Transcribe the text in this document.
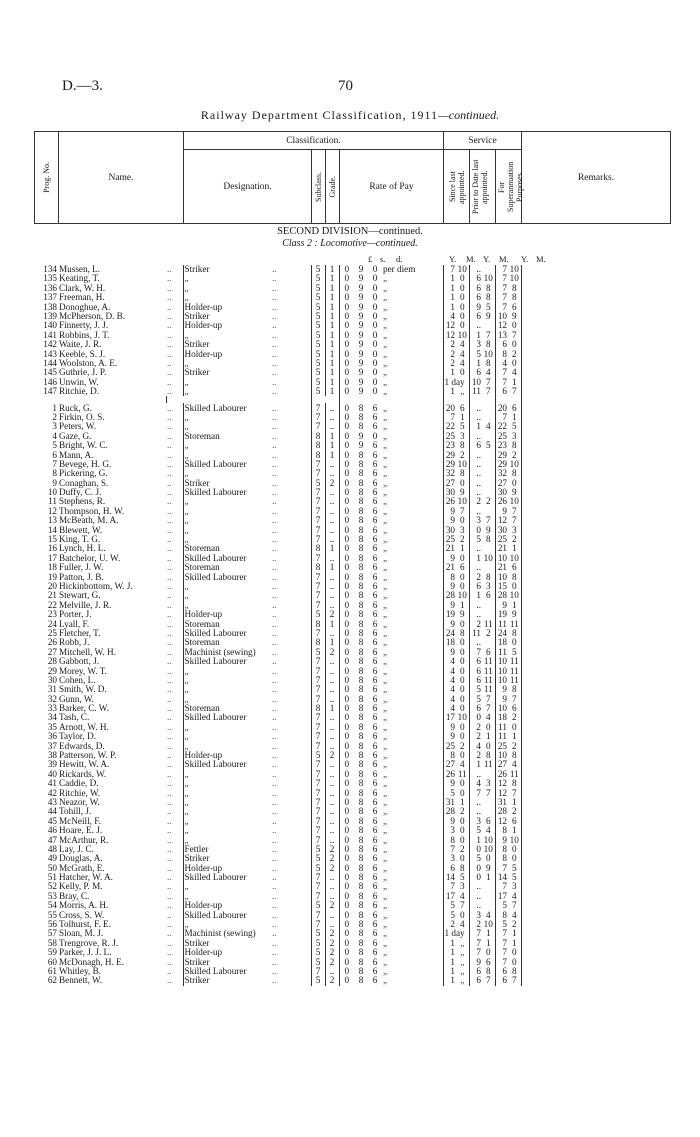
D.—3.	70
Railway Department Classification, 1911—continued.
Prog. No.	Name.	Classification.				Service			Remarks.
		Designation.	Subclass.	Grade.	Rate of Pay	Since last appointed.	Prior to Date last appointed.	For Superannuation Purposes.	
SECOND DIVISION—continued.
Class 2 : Locomotive—continued.
£ s. d.	Y. M. Y. M. Y. M.
134	Mussen, L.	..	Striker	..	5	1	0	9	0	per diem	7	10	..		7	10	
135	Keating, T.	..	„	..	5	1	0	9	0	„	1	0	6	10	7	10	
136	Clark, W. H.	..	„	..	5	1	0	9	0	„	1	0	6	8	7	8	
137	Freeman, H.	..	„	..	5	1	0	9	0	„	1	0	6	8	7	8	
138	Donoghue, A.	..	Holder-up	..	5	1	0	9	0	„	1	0	9	5	7	6	
139	McPherson, D. B.	..	Striker	..	5	1	0	9	0	„	4	0	6	9	10	9	
140	Finnerty, J. J.	..	Holder-up	..	5	1	0	9	0	„	12	0	..		12	0	
141	Robbins, J. T.	..	„	..	5	1	0	9	0	„	12	10	1	7	13	7	
142	Waite, J. R.	..	Striker	..	5	1	0	9	0	„	2	4	3	8	6	0	
143	Keeble, S. J.	..	Holder-up	..	5	1	0	9	0	„	2	4	5	10	8	2	
144	Woolston, A. E.	..	„	..	5	1	0	9	0	„	2	4	1	8	4	0	
145	Guthrie, J. P.	..	Striker	..	5	1	0	9	0	„	1	0	6	4	7	4	
146	Unwin, W.	..	„	..	5	1	0	9	0	„	1 day		10	7	7	1	
147	Ritchie, D.	..	„	..	5	1	0	9	0	„	1	„	11	7	6	7	

1	Ruck, G.	..	Skilled Labourer	..	7	..	0	8	6	„	20	6	..		20	6	
2	Firkin, O. S.	..	„	..	7	..	0	8	6	„	7	1	..		7	1	
3	Peters, W.	..	„	..	7	..	0	8	6	„	22	5	1	4	22	5	
4	Gaze, G.	..	Storeman	..	8	1	0	9	0	„	25	3	..		25	3	
5	Bright, W. C.	..	„	..	8	1	0	9	6	„	23	8	6	5	23	8	
6	Mann, A.	..	„	..	8	1	0	8	6	„	29	2	..		29	2	
7	Bevege, H. G.	..	Skilled Labourer	..	7	..	0	8	6	„	29	10	..		29	10	
8	Pickering, G.	..	„	..	7	..	0	8	6	„	32	8	..		32	8	
9	Conaghan, S.	..	Striker	..	5	2	0	8	6	„	27	0	..		27	0	
10	Duffy, C. J.	..	Skilled Labourer	..	7	..	0	8	6	„	30	9	..		30	9	
11	Stephens, R.	..	„	..	7	..	0	8	6	„	26	10	2	2	26	10	
12	Thompson, H. W.	..	„	..	7	..	0	8	6	„	9	7	..		9	7	
13	McBeath, M. A.	..	„	..	7	..	0	8	6	„	9	0	3	7	12	7	
14	Blewett, W.	..	„	..	7	..	0	8	6	„	30	3	0	9	30	3	
15	King, T. G.	..	„	..	7	..	0	8	6	„	25	2	5	8	25	2	
16	Lynch, H. L.	..	Storeman	..	8	1	0	8	6	„	21	1	..		21	1	
17	Batchelor, U. W.	..	Skilled Labourer	..	7	..	0	8	6	„	9	0	1	10	10	10	
18	Fuller, J. W.	..	Storeman	..	8	1	0	8	6	„	21	6	..		21	6	
19	Patton, J. B.	..	Skilled Labourer	..	7	..	0	8	6	„	8	0	2	8	10	8	
20	Hickinbottom, W. J.	..	„	..	7	..	0	8	6	„	9	0	6	3	15	0	
21	Stewart, G.	..	„	..	7	..	0	8	6	„	28	10	1	6	28	10	
22	Melville, J. R.	..	„	..	7	..	0	8	6	„	9	1	..		9	1	
23	Porter, J.	..	Holder-up	..	5	2	0	8	6	„	19	9	..		19	9	
24	Lyall, F.	..	Storeman	..	8	1	0	8	6	„	9	0	2	11	11	11	
25	Fletcher, T.	..	Skilled Labourer	..	7	..	0	8	6	„	24	8	11	2	24	8	
26	Robb, J.	..	Storeman	..	8	1	0	8	6	„	18	0	..		18	0	
27	Mitchell, W. H.	..	Machinist (sewing)	..	5	2	0	8	6	„	9	0	7	6	11	5	
28	Gabbott, J.	..	Skilled Labourer	..	7	..	0	8	6	„	4	0	6	11	10	11	
29	Morey, W. T.	..	„	..	7	..	0	8	6	„	4	0	6	11	10	11	
30	Cohen, L.	..	„	..	7	..	0	8	6	„	4	0	6	11	10	11	
31	Smith, W. D.	..	„	..	7	..	0	8	6	„	4	0	5	11	9	8	
32	Gunn, W.	..	„	..	7	..	0	8	6	„	4	0	5	7	9	7	
33	Barker, C. W.	..	Storeman	..	8	1	0	8	6	„	4	0	6	7	10	6	
34	Tash, C.	..	Skilled Labourer	..	7	..	0	8	6	„	17	10	0	4	18	2	
35	Arnott, W. H.	..	„	..	7	..	0	8	6	„	9	0	2	0	11	0	
36	Taylor, D.	..	„	..	7	..	0	8	6	„	9	0	2	1	11	1	
37	Edwards, D.	..	„	..	7	..	0	8	6	„	25	2	4	0	25	2	
38	Patterson, W. P.	..	Holder-up	..	5	2	0	8	6	„	8	0	2	8	10	8	
39	Hewitt, W. A.	..	Skilled Labourer	..	7	..	0	8	6	„	27	4	1	11	27	4	
40	Rickards, W.	..	„	..	7	..	0	8	6	„	26	11	..		26	11	
41	Caddie, D.	..	„	..	7	..	0	8	6	„	9	0	4	3	12	8	
42	Ritchie, W.	..	„	..	7	..	0	8	6	„	5	0	7	7	12	7	
43	Neazor, W.	..	„	..	7	..	0	8	6	„	31	1	..		31	1	
44	Tohill, J.	..	„	..	7	..	0	8	6	„	28	2	..		28	2	
45	McNeill, F.	..	„	..	7	..	0	8	6	„	9	0	3	6	12	6	
46	Hoare, E. J.	..	„	..	7	..	0	8	6	„	3	0	5	4	8	1	
47	McArthur, R.	..	„	..	7	..	0	8	6	„	8	0	1	10	9	10	
48	Lay, J. C.	..	Fettler	..	5	2	0	8	6	„	7	2	0	10	8	0	
49	Douglas, A.	..	Striker	..	5	2	0	8	6	„	3	0	5	0	8	0	
50	McGrath, E.	..	Holder-up	..	5	2	0	8	6	„	6	8	0	9	7	5	
51	Hatcher, W. A.	..	Skilled Labourer	..	7	..	0	8	6	„	14	5	0	1	14	5	
52	Kelly, P. M.	..	„	..	7	..	0	8	6	„	7	3	..		7	3	
53	Bray, C.	..	„	..	7	..	0	8	6	„	17	4	..		17	4	
54	Morris, A. H.	..	Holder-up	..	5	2	0	8	6	„	5	7	..		5	7	
55	Cross, S. W.	..	Skilled Labourer	..	7	..	0	8	6	„	5	0	3	4	8	4	
56	Tolhurst, F. E.	..	„	..	7	..	0	8	6	„	2	4	2	10	5	2	
57	Sloan, M. J.	..	Machinist (sewing)	..	5	2	0	8	6	„	1 day		7	1	7	1	
58	Trengrove, R. J.	..	Striker	..	5	2	0	8	6	„	1	„	7	1	7	1	
59	Parker, J. J. L.	..	Holder-up	..	5	2	0	8	6	„	1	„	7	0	7	0	
60	McDonagh, H. E.	..	Striker	..	5	2	0	8	6	„	1	„	9	6	7	0	
61	Whitley, B.	..	Skilled Labourer	..	7	..	0	8	6	„	1	„	6	8	6	8	
62	Bennett, W.	..	Striker	..	5	2	0	8	6	„	1	„	6	7	6	7	
